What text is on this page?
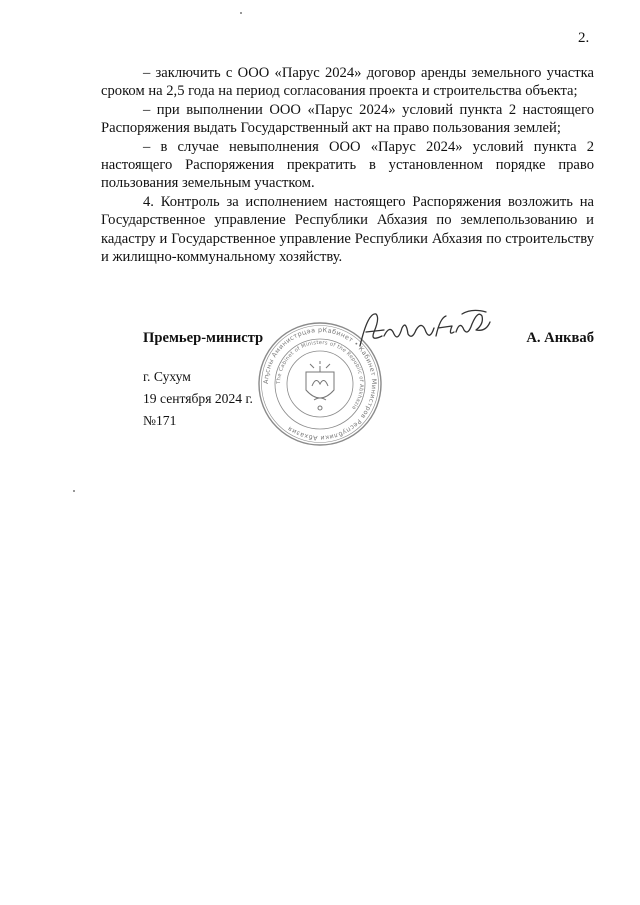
2.

– заключить с ООО «Парус 2024» договор аренды земельного участка сроком на 2,5 года на период согласования проекта и строительства объекта;

– при выполнении ООО «Парус 2024» условий пункта 2 настоящего Распоряжения выдать Государственный акт на право пользования землей;

– в случае невыполнения ООО «Парус 2024» условий пункта 2 настоящего Распоряжения прекратить в установленном порядке право пользования земельным участком.

4. Контроль за исполнением настоящего Распоряжения возложить на Государственное управление Республики Абхазия по землепользованию и кадастру и Государственное управление Республики Абхазия по строительству и жилищно-коммунальному хозяйству.

Аҧсны Аминистрцәа рКабинет • Кабинет Министров Республики Абхазия
The Cabinet of Ministers of the Republic of Abkhazia
Премьер-министр	А. Анкваб
г. Сухум
19 сентября 2024 г.
№171
